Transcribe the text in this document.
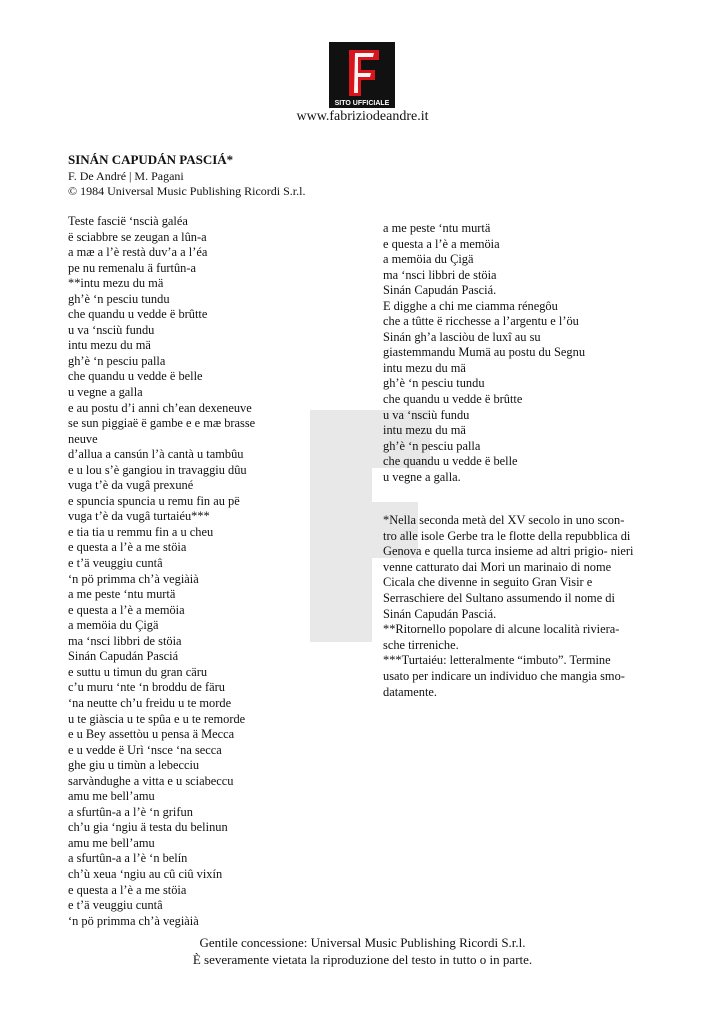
SITO UFFICIALE
www.fabriziodeandre.it
SINÁN CAPUDÁN PASCIÁ*
F. De André | M. Pagani
© 1984 Universal Music Publishing Ricordi S.r.l.
Teste fascië ‘nscià galéa
ë sciabbre se zeugan a lûn-a
a mæ a l’è restà duv’a a l’éa
pe nu remenalu ä furtûn-a
**intu mezu du mä
gh’è ‘n pesciu tundu
che quandu u vedde ë brûtte
u va ‘nsciù fundu
intu mezu du mä
gh’è ‘n pesciu palla
che quandu u vedde ë belle
u vegne a galla
e au postu d’i anni ch’ean dexeneuve
se sun piggiaë ë gambe e e mæ brasse
neuve
d’allua a cansún l’à cantà u tambûu
e u lou s’è gangiou in travaggiu dûu
vuga t’è da vugâ prexuné
e spuncia spuncia u remu fin au pë
vuga t’è da vugâ turtaiéu***
e tia tia u remmu fin a u cheu
e questa a l’è a me stöia
e t’ä veuggiu cuntâ
‘n pö primma ch’à vegiàià
a me peste ‘ntu murtä
e questa a l’è a memöia
a memöia du Çigä
ma ‘nsci libbri de stöia
Sinán Capudán Pasciá
e suttu u timun du gran cäru
c’u muru ‘nte ‘n broddu de färu
‘na neutte ch’u freidu u te morde
u te giàscia u te spûa e u te remorde
e u Bey assettòu u pensa ä Mecca
e u vedde ë Urì ‘nsce ‘na secca
ghe giu u timùn a lebecciu
sarvàndughe a vitta e u sciabeccu
amu me bell’amu
a sfurtûn-a a l’è ‘n grifun
ch’u gia ‘ngiu ä testa du belinun
amu me bell’amu
a sfurtûn-a a l’è ‘n belín
ch’ù xeua ‘ngiu au cû ciû vixín
e questa a l’è a me stöia
e t’ä veuggiu cuntâ
‘n pö primma ch’à vegiàià
a me peste ‘ntu murtä
e questa a l’è a memöia
a memöia du Çigä
ma ‘nsci libbri de stöia
Sinán Capudán Pasciá.
E digghe a chi me ciamma rénegôu
che a tûtte ë ricchesse a l’argentu e l’öu
Sinán gh’a lasciòu de luxî au su
giastemmandu Mumä au postu du Segnu
intu mezu du mä
gh’è ‘n pesciu tundu
che quandu u vedde ë brûtte
u va ‘nsciù fundu
intu mezu du mä
gh’è ‘n pesciu palla
che quandu u vedde ë belle
u vegne a galla.
*Nella seconda metà del XV secolo in uno scon-
tro alle isole Gerbe tra le flotte della repubblica di
Genova e quella turca insieme ad altri prigio- nieri
venne catturato dai Mori un marinaio di nome
Cicala che divenne in seguito Gran Visir e
Serraschiere del Sultano assumendo il nome di
Sinán Capudán Pasciá.
**Ritornello popolare di alcune località riviera-
sche tirreniche.
***Turtaiéu: letteralmente “imbuto”. Termine
usato per indicare un individuo che mangia smo-
datamente.
Gentile concessione: Universal Music Publishing Ricordi S.r.l.
È severamente vietata la riproduzione del testo in tutto o in parte.
